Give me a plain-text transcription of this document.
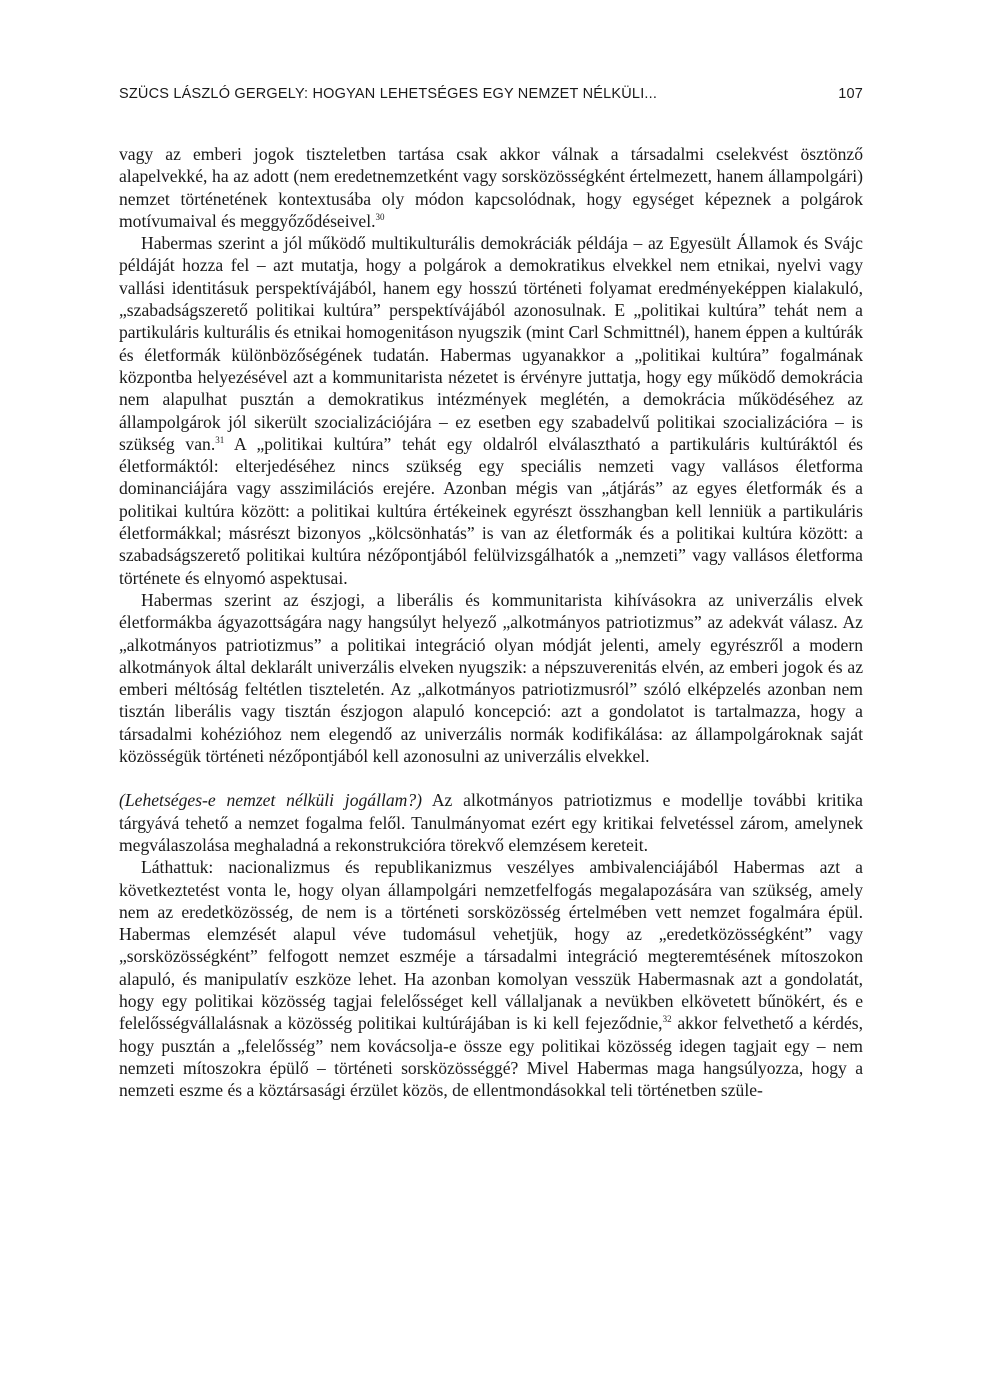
SZÜCS LÁSZLÓ GERGELY: HOGYAN LEHETSÉGES EGY NEMZET NÉLKÜLI...	107

vagy az emberi jogok tiszteletben tartása csak akkor válnak a társadalmi cselekvést ösztönző alapelvekké, ha az adott (nem eredetnemzetként vagy sorsközösségként értelmezett, hanem állampolgári) nemzet történetének kontextusába oly módon kapcsolódnak, hogy egységet képeznek a polgárok motívumaival és meggyőződéseivel.$^{30}$

Habermas szerint a jól működő multikulturális demokráciák példája – az Egyesült Államok és Svájc példáját hozza fel – azt mutatja, hogy a polgárok a demokratikus elvekkel nem etnikai, nyelvi vagy vallási identitásuk perspektívájából, hanem egy hosszú történeti folyamat eredményeképpen kialakuló, „szabadságszerető politikai kultúra” perspektívájából azonosulnak. E „politikai kultúra” tehát nem a partikuláris kulturális és etnikai homogenitáson nyugszik (mint Carl Schmittnél), hanem éppen a kultúrák és életformák különbözőségének tudatán. Habermas ugyanakkor a „politikai kultúra” fogalmának központba helyezésével azt a kommunitarista nézetet is érvényre juttatja, hogy egy működő demokrácia nem alapulhat pusztán a demokratikus intézmények meglétén, a demokrácia működéséhez az állampolgárok jól sikerült szocializációjára – ez esetben egy szabadelvű politikai szocializációra – is szükség van.$^{31}$ A „politikai kultúra” tehát egy oldalról elválasztható a partikuláris kultúráktól és életformáktól: elterjedéséhez nincs szükség egy speciális nemzeti vagy vallásos életforma dominanciájára vagy asszimilációs erejére. Azonban mégis van „átjárás” az egyes életformák és a politikai kultúra között: a politikai kultúra értékeinek egyrészt összhangban kell lenniük a partikuláris életformákkal; másrészt bizonyos „kölcsönhatás” is van az életformák és a politikai kultúra között: a szabadságszerető politikai kultúra nézőpontjából felülvizsgálhatók a „nemzeti” vagy vallásos életforma története és elnyomó aspektusai.

Habermas szerint az észjogi, a liberális és kommunitarista kihívásokra az univerzális elvek életformákba ágyazottságára nagy hangsúlyt helyező „alkotmányos patriotizmus” az adekvát válasz. Az „alkotmányos patriotizmus” a politikai integráció olyan módját jelenti, amely egyrészről a modern alkotmányok által deklarált univerzális elveken nyugszik: a népszuverenitás elvén, az emberi jogok és az emberi méltóság feltétlen tiszteletén. Az „alkotmányos patriotizmusról” szóló elképzelés azonban nem tisztán liberális vagy tisztán észjogon alapuló koncepció: azt a gondolatot is tartalmazza, hogy a társadalmi kohézióhoz nem elegendő az univerzális normák kodifikálása: az állampolgároknak saját közösségük történeti nézőpontjából kell azonosulni az univerzális elvekkel.

(Lehetséges-e nemzet nélküli jogállam?) Az alkotmányos patriotizmus e modellje további kritika tárgyává tehető a nemzet fogalma felől. Tanulmányomat ezért egy kritikai felvetéssel zárom, amelynek megválaszolása meghaladná a rekonstrukcióra törekvő elemzésem kereteit.

Láthattuk: nacionalizmus és republikanizmus veszélyes ambivalenciájából Habermas azt a következtetést vonta le, hogy olyan állampolgári nemzetfelfogás megalapozására van szükség, amely nem az eredetközösség, de nem is a történeti sorsközösség értelmében vett nemzet fogalmára épül. Habermas elemzését alapul véve tudomásul vehetjük, hogy az „eredetközösségként” vagy „sorsközösségként” felfogott nemzet eszméje a társadalmi integráció megteremtésének mítoszokon alapuló, és manipulatív eszköze lehet. Ha azonban komolyan vesszük Habermasnak azt a gondolatát, hogy egy politikai közösség tagjai felelősséget kell vállaljanak a nevükben elkövetett bűnökért, és e felelősségvállalásnak a közösség politikai kultúrájában is ki kell fejeződnie,$^{32}$ akkor felvethető a kérdés, hogy pusztán a „felelősség” nem kovácsolja-e össze egy politikai közösség idegen tagjait egy – nem nemzeti mítoszokra épülő – történeti sorsközösséggé? Mivel Habermas maga hangsúlyozza, hogy a nemzeti eszme és a köztársasági érzület közös, de ellentmondásokkal teli történetben szüle-
